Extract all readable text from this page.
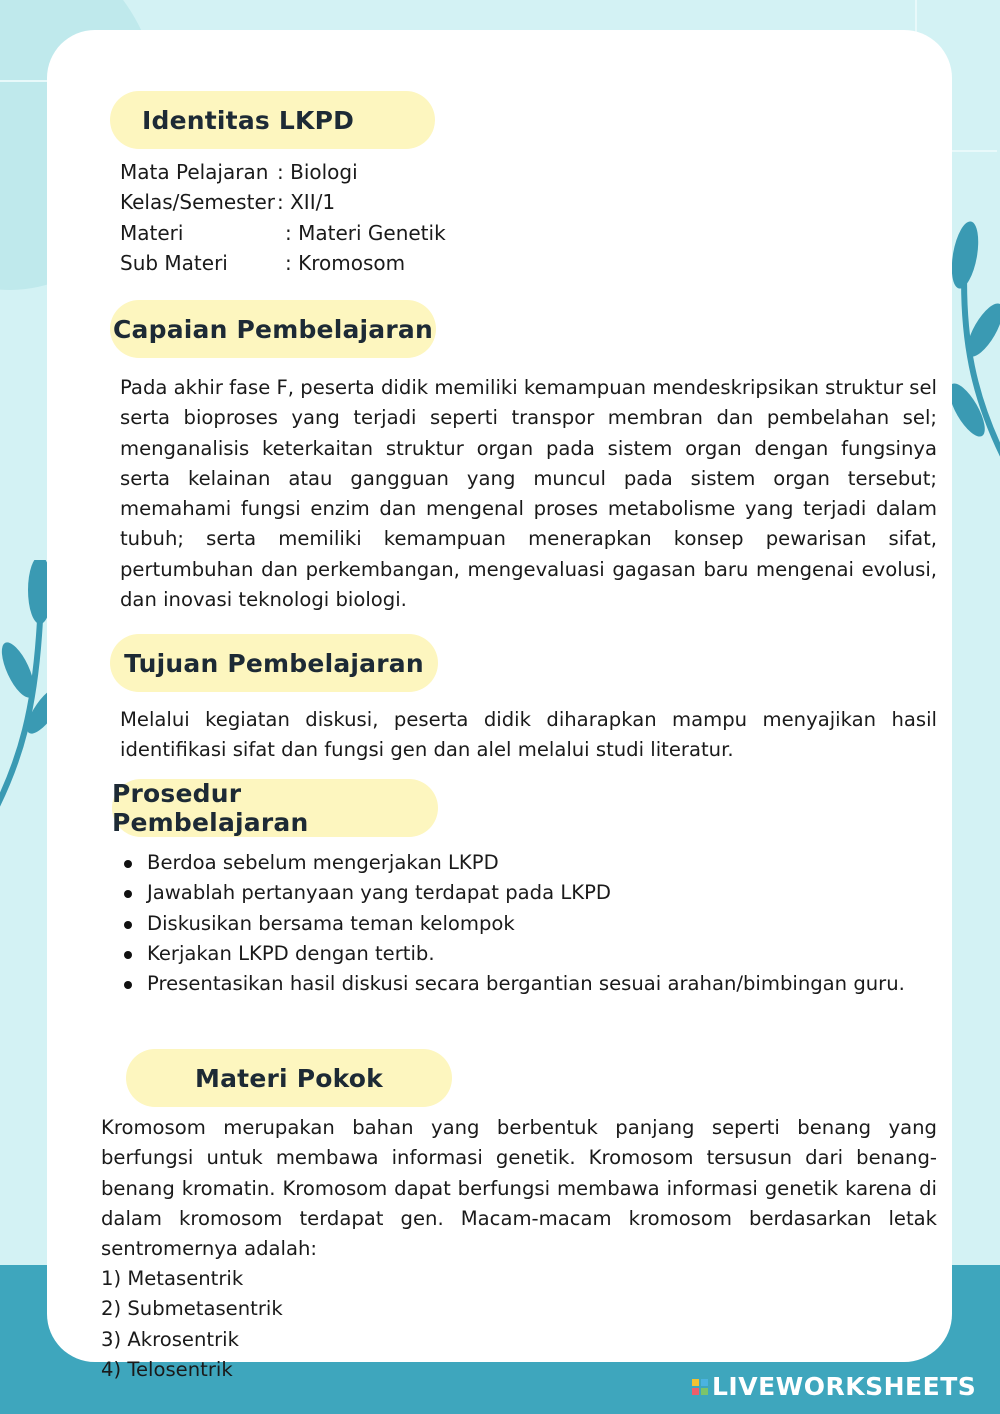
Identitas LKPD
Mata Pelajaran : Biologi
Kelas/Semester : XII/1
Materi	: Materi Genetik
Sub Materi	: Kromosom
Capaian Pembelajaran
Pada akhir fase F, peserta didik memiliki kemampuan mendeskripsikan struktur sel serta bioproses yang terjadi seperti transpor membran dan pembelahan sel; menganalisis keterkaitan struktur organ pada sistem organ dengan fungsinya serta kelainan atau gangguan yang muncul pada sistem organ tersebut; memahami fungsi enzim dan mengenal proses metabolisme yang terjadi dalam tubuh; serta memiliki kemampuan menerapkan konsep pewarisan sifat, pertumbuhan dan perkembangan, mengevaluasi gagasan baru mengenai evolusi, dan inovasi teknologi biologi.
Tujuan Pembelajaran
Melalui kegiatan diskusi, peserta didik diharapkan mampu menyajikan hasil identifikasi sifat dan fungsi gen dan alel melalui studi literatur.
Prosedur Pembelajaran
Berdoa sebelum mengerjakan LKPD
Jawablah pertanyaan yang terdapat pada LKPD
Diskusikan bersama teman kelompok
Kerjakan LKPD dengan tertib.
Presentasikan hasil diskusi secara bergantian sesuai arahan/bimbingan guru.
Materi Pokok
Kromosom merupakan bahan yang berbentuk panjang seperti benang yang berfungsi untuk membawa informasi genetik. Kromosom tersusun dari benang-benang kromatin. Kromosom dapat berfungsi membawa informasi genetik karena di dalam kromosom terdapat gen. Macam-macam kromosom berdasarkan letak sentromernya adalah:
1) Metasentrik
2) Submetasentrik
3) Akrosentrik
4) Telosentrik
LIVEWORKSHEETS
